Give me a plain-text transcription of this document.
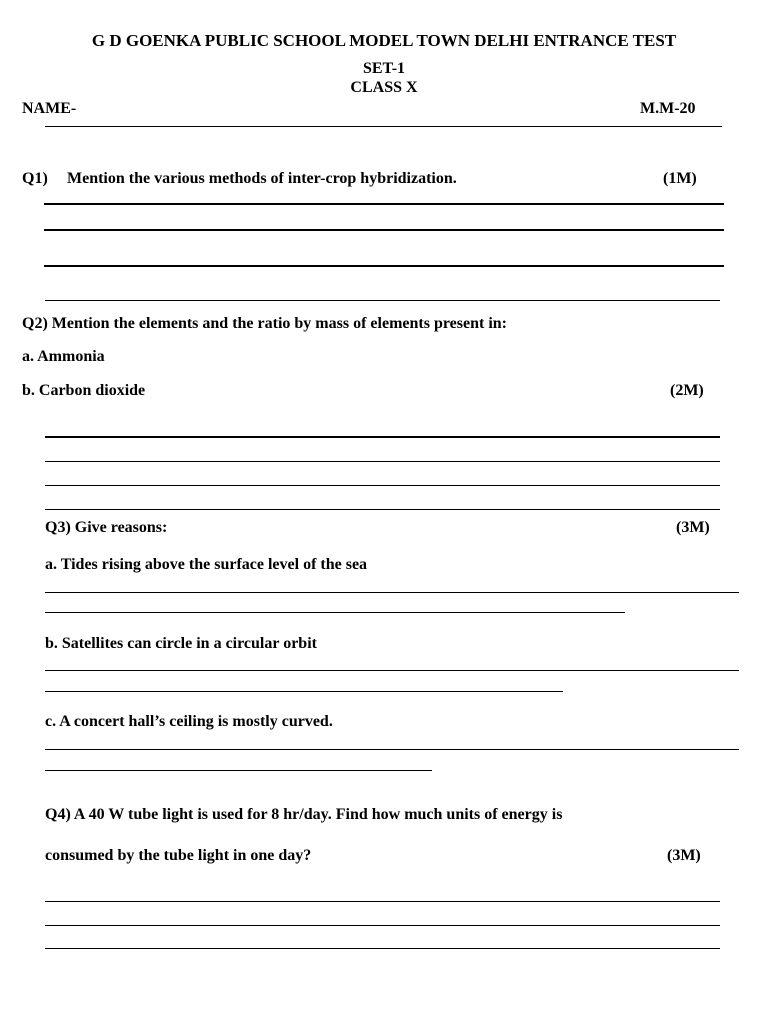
G D GOENKA PUBLIC SCHOOL MODEL TOWN DELHI ENTRANCE TEST
SET-1
CLASS X
NAME-	M.M-20
Q1) Mention the various methods of inter-crop hybridization.	(1M)
Q2) Mention the elements and the ratio by mass of elements present in:
a. Ammonia
b. Carbon dioxide	(2M)
Q3) Give reasons:	(3M)
a. Tides rising above the surface level of the sea
b. Satellites can circle in a circular orbit
c. A concert hall’s ceiling is mostly curved.
Q4) A 40 W tube light is used for 8 hr/day. Find how much units of energy is
consumed by the tube light in one day?	(3M)
